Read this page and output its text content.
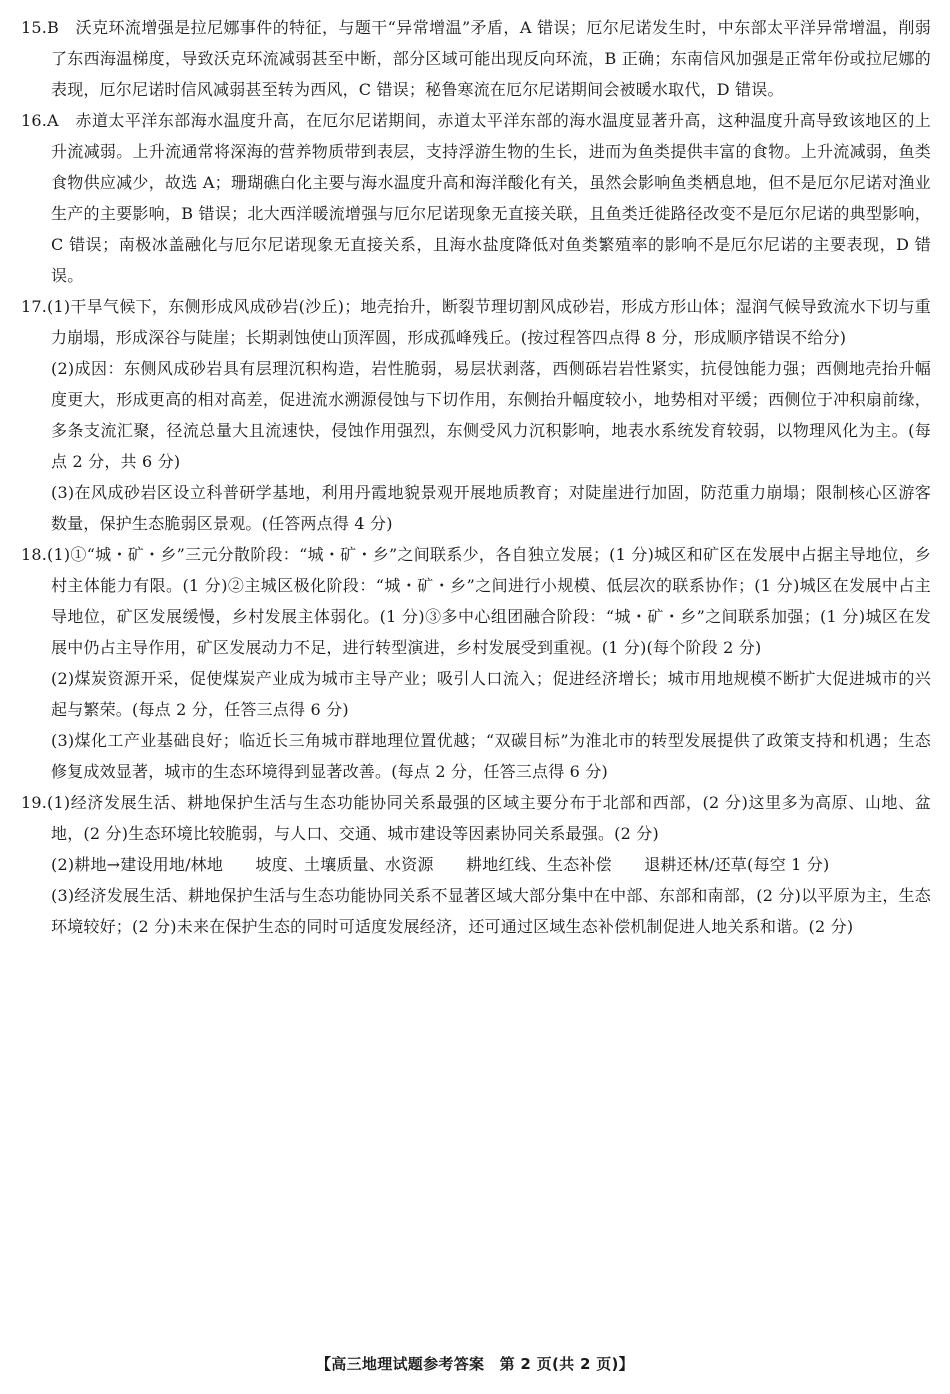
15.B　沃克环流增强是拉尼娜事件的特征，与题干“异常增温”矛盾，A 错误；厄尔尼诺发生时，中东部太平洋异常增温，削弱了东西海温梯度，导致沃克环流减弱甚至中断，部分区域可能出现反向环流，B 正确；东南信风加强是正常年份或拉尼娜的表现，厄尔尼诺时信风减弱甚至转为西风，C 错误；秘鲁寒流在厄尔尼诺期间会被暖水取代，D 错误。
16.A　赤道太平洋东部海水温度升高，在厄尔尼诺期间，赤道太平洋东部的海水温度显著升高，这种温度升高导致该地区的上升流减弱。上升流通常将深海的营养物质带到表层，支持浮游生物的生长，进而为鱼类提供丰富的食物。上升流减弱，鱼类食物供应减少，故选 A；珊瑚礁白化主要与海水温度升高和海洋酸化有关，虽然会影响鱼类栖息地，但不是厄尔尼诺对渔业生产的主要影响，B 错误；北大西洋暖流增强与厄尔尼诺现象无直接关联，且鱼类迁徙路径改变不是厄尔尼诺的典型影响，C 错误；南极冰盖融化与厄尔尼诺现象无直接关系，且海水盐度降低对鱼类繁殖率的影响不是厄尔尼诺的主要表现，D 错误。
17.(1)干旱气候下，东侧形成风成砂岩(沙丘)；地壳抬升，断裂节理切割风成砂岩，形成方形山体；湿润气候导致流水下切与重力崩塌，形成深谷与陡崖；长期剥蚀使山顶浑圆，形成孤峰残丘。(按过程答四点得 8 分，形成顺序错误不给分)
(2)成因：东侧风成砂岩具有层理沉积构造，岩性脆弱，易层状剥落，西侧砾岩岩性紧实，抗侵蚀能力强；西侧地壳抬升幅度更大，形成更高的相对高差，促进流水溯源侵蚀与下切作用，东侧抬升幅度较小，地势相对平缓；西侧位于冲积扇前缘，多条支流汇聚，径流总量大且流速快，侵蚀作用强烈，东侧受风力沉积影响，地表水系统发育较弱，以物理风化为主。(每点 2 分，共 6 分)
(3)在风成砂岩区设立科普研学基地，利用丹霞地貌景观开展地质教育；对陡崖进行加固，防范重力崩塌；限制核心区游客数量，保护生态脆弱区景观。(任答两点得 4 分)
18.(1)①“城・矿・乡”三元分散阶段：“城・矿・乡”之间联系少，各自独立发展；(1 分)城区和矿区在发展中占据主导地位，乡村主体能力有限。(1 分)②主城区极化阶段：“城・矿・乡”之间进行小规模、低层次的联系协作；(1 分)城区在发展中占主导地位，矿区发展缓慢，乡村发展主体弱化。(1 分)③多中心组团融合阶段：“城・矿・乡”之间联系加强；(1 分)城区在发展中仍占主导作用，矿区发展动力不足，进行转型演进，乡村发展受到重视。(1 分)(每个阶段 2 分)
(2)煤炭资源开采，促使煤炭产业成为城市主导产业；吸引人口流入；促进经济增长；城市用地规模不断扩大促进城市的兴起与繁荣。(每点 2 分，任答三点得 6 分)
(3)煤化工产业基础良好；临近长三角城市群地理位置优越；“双碳目标”为淮北市的转型发展提供了政策支持和机遇；生态修复成效显著，城市的生态环境得到显著改善。(每点 2 分，任答三点得 6 分)
19.(1)经济发展生活、耕地保护生活与生态功能协同关系最强的区域主要分布于北部和西部，(2 分)这里多为高原、山地、盆地，(2 分)生态环境比较脆弱，与人口、交通、城市建设等因素协同关系最强。(2 分)
(2)耕地→建设用地/林地　　坡度、土壤质量、水资源　　耕地红线、生态补偿　　退耕还林/还草(每空 1 分)
(3)经济发展生活、耕地保护生活与生态功能协同关系不显著区域大部分集中在中部、东部和南部，(2 分)以平原为主，生态环境较好；(2 分)未来在保护生态的同时可适度发展经济，还可通过区域生态补偿机制促进人地关系和谐。(2 分)
【高三地理试题参考答案　第 2 页(共 2 页)】
